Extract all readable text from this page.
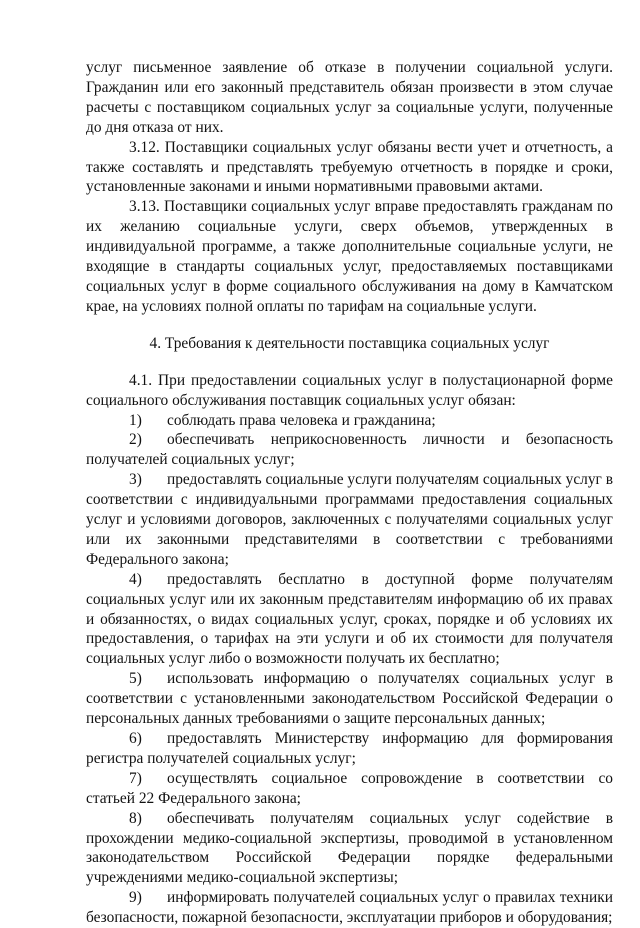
услуг письменное заявление об отказе в получении социальной услуги. Гражданин или его законный представитель обязан произвести в этом случае расчеты с поставщиком социальных услуг за социальные услуги, полученные до дня отказа от них.

3.12. Поставщики социальных услуг обязаны вести учет и отчетность, а также составлять и представлять требуемую отчетность в порядке и сроки, установленные законами и иными нормативными правовыми актами.

3.13. Поставщики социальных услуг вправе предоставлять гражданам по их желанию социальные услуги, сверх объемов, утвержденных в индивидуальной программе, а также дополнительные социальные услуги, не входящие в стандарты социальных услуг, предоставляемых поставщиками социальных услуг в форме социального обслуживания на дому в Камчатском крае, на условиях полной оплаты по тарифам на социальные услуги.

4. Требования к деятельности поставщика социальных услуг

4.1. При предоставлении социальных услуг в полустационарной форме социального обслуживания поставщик социальных услуг обязан:

1) соблюдать права человека и гражданина;

2) обеспечивать неприкосновенность личности и безопасность получателей социальных услуг;

3) предоставлять социальные услуги получателям социальных услуг в соответствии с индивидуальными программами предоставления социальных услуг и условиями договоров, заключенных с получателями социальных услуг или их законными представителями в соответствии с требованиями Федерального закона;

4) предоставлять бесплатно в доступной форме получателям социальных услуг или их законным представителям информацию об их правах и обязанностях, о видах социальных услуг, сроках, порядке и об условиях их предоставления, о тарифах на эти услуги и об их стоимости для получателя социальных услуг либо о возможности получать их бесплатно;

5) использовать информацию о получателях социальных услуг в соответствии с установленными законодательством Российской Федерации о персональных данных требованиями о защите персональных данных;

6) предоставлять Министерству информацию для формирования регистра получателей социальных услуг;

7) осуществлять социальное сопровождение в соответствии со статьей 22 Федерального закона;

8) обеспечивать получателям социальных услуг содействие в прохождении медико-социальной экспертизы, проводимой в установленном законодательством Российской Федерации порядке федеральными учреждениями медико-социальной экспертизы;

9) информировать получателей социальных услуг о правилах техники безопасности, пожарной безопасности, эксплуатации приборов и оборудования;
